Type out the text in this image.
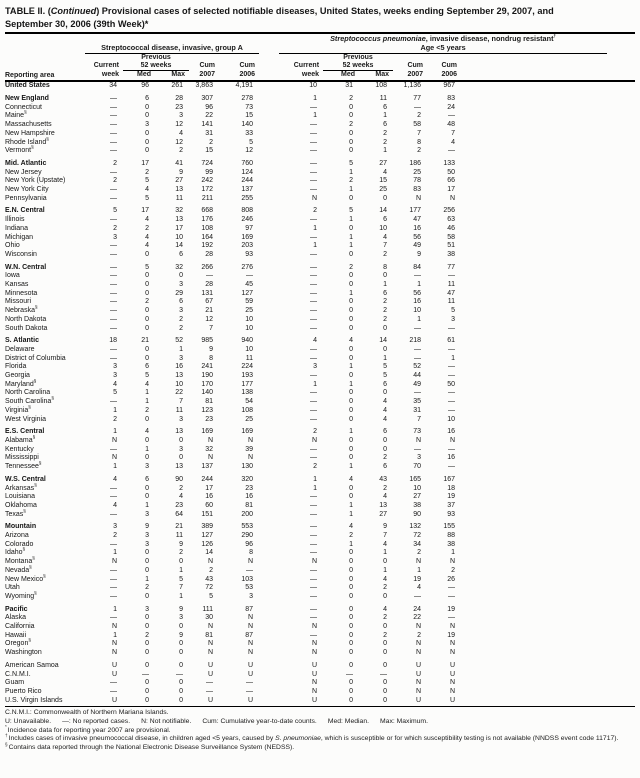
TABLE II. (Continued) Provisional cases of selected notifiable diseases, United States, weeks ending September 29, 2007, and
September 30, 2006 (39th Week)*
	Streptococcal disease, invasive, group A						Streptococcus pneumoniae, invasive disease, nondrug resistant†
Age <5 years						

	Current	Previous
52 weeks		Cum	Cum		Current	Previous
52 weeks		Cum	Cum		
Reporting area	week	Med	Max	2007	2006		week	Med	Max	2007	2006		
United States	34	96	261	3,863	4,191		10	31	108	1,136	967		
New England	—	6	28	307	278		1	2	11	77	83		
Connecticut	—	0	23	96	73		—	0	6	—	24		
Maine§	—	0	3	22	15		1	0	1	2	—		
Massachusetts	—	3	12	141	140		—	2	6	58	48		
New Hampshire	—	0	4	31	33		—	0	2	7	7		
Rhode Island§	—	0	12	2	5		—	0	2	8	4		
Vermont§	—	0	2	15	12		—	0	1	2	—		
Mid. Atlantic	2	17	41	724	760		—	5	27	186	133		
New Jersey	—	2	9	99	124		—	1	4	25	50		
New York (Upstate)	2	5	27	242	244		—	2	15	78	66		
New York City	—	4	13	172	137		—	1	25	83	17		
Pennsylvania	—	5	11	211	255		N	0	0	N	N		
E.N. Central	5	17	32	668	808		2	5	14	177	256		
Illinois	—	4	13	176	246		—	1	6	47	63		
Indiana	2	2	17	108	97		1	0	10	16	46		
Michigan	3	4	10	164	169		—	1	4	56	58		
Ohio	—	4	14	192	203		1	1	7	49	51		
Wisconsin	—	0	6	28	93		—	0	2	9	38		
W.N. Central	—	5	32	266	276		—	2	8	84	77		
Iowa	—	0	0	—	—		—	0	0	—	—		
Kansas	—	0	3	28	45		—	0	1	1	11		
Minnesota	—	0	29	131	127		—	1	6	56	47		
Missouri	—	2	6	67	59		—	0	2	16	11		
Nebraska§	—	0	3	21	25		—	0	2	10	5		
North Dakota	—	0	2	12	10		—	0	2	1	3		
South Dakota	—	0	2	7	10		—	0	0	—	—		
S. Atlantic	18	21	52	985	940		4	4	14	218	61		
Delaware	—	0	1	9	10		—	0	0	—	—		
District of Columbia	—	0	3	8	11		—	0	1	—	1		
Florida	3	6	16	241	224		3	1	5	52	—		
Georgia	3	5	13	190	193		—	0	5	44	—		
Maryland§	4	4	10	170	177		1	1	6	49	50		
North Carolina	5	1	22	140	138		—	0	0	—	—		
South Carolina§	—	1	7	81	54		—	0	4	35	—		
Virginia§	1	2	11	123	108		—	0	4	31	—		
West Virginia	2	0	3	23	25		—	0	4	7	10		
E.S. Central	1	4	13	169	169		2	1	6	73	16		
Alabama§	N	0	0	N	N		N	0	0	N	N		
Kentucky	—	1	3	32	39		—	0	0	—	—		
Mississippi	N	0	0	N	N		—	0	2	3	16		
Tennessee§	1	3	13	137	130		2	1	6	70	—		
W.S. Central	4	6	90	244	320		1	4	43	165	167		
Arkansas§	—	0	2	17	23		1	0	2	10	18		
Louisiana	—	0	4	16	16		—	0	4	27	19		
Oklahoma	4	1	23	60	81		—	1	13	38	37		
Texas§	—	3	64	151	200		—	1	27	90	93		
Mountain	3	9	21	389	553		—	4	9	132	155		
Arizona	2	3	11	127	290		—	2	7	72	88		
Colorado	—	3	9	126	96		—	1	4	34	38		
Idaho§	1	0	2	14	8		—	0	1	2	1		
Montana§	N	0	0	N	N		N	0	0	N	N		
Nevada§	—	0	1	2	—		—	0	1	1	2		
New Mexico§	—	1	5	43	103		—	0	4	19	26		
Utah	—	2	7	72	53		—	0	2	4	—		
Wyoming§	—	0	1	5	3		—	0	0	—	—		
Pacific	1	3	9	111	87		—	0	4	24	19		
Alaska	—	0	3	30	N		—	0	2	22	—		
California	N	0	0	N	N		N	0	0	N	N		
Hawaii	1	2	9	81	87		—	0	2	2	19		
Oregon§	N	0	0	N	N		N	0	0	N	N		
Washington	N	0	0	N	N		N	0	0	N	N		
American Samoa	U	0	0	U	U		U	0	0	U	U		
C.N.M.I.	U	—	—	U	U		U	—	—	U	U		
Guam	—	0	0	—	—		N	0	0	N	N		
Puerto Rico	—	0	0	—	—		N	0	0	N	N		
U.S. Virgin Islands	U	0	0	U	U		U	0	0	U	U		
C.N.M.I.: Commonwealth of Northern Mariana Islands.
U: Unavailable. —: No reported cases. N: Not notifiable. Cum: Cumulative year-to-date counts. Med: Median. Max: Maximum.
*Incidence data for reporting year 2007 are provisional.
†Includes cases of invasive pneumococcal disease, in children aged <5 years, caused by S. pneumoniae, which is susceptible or for which susceptibility testing is not available (NNDSS event code 11717).
§Contains data reported through the National Electronic Disease Surveillance System (NEDSS).
